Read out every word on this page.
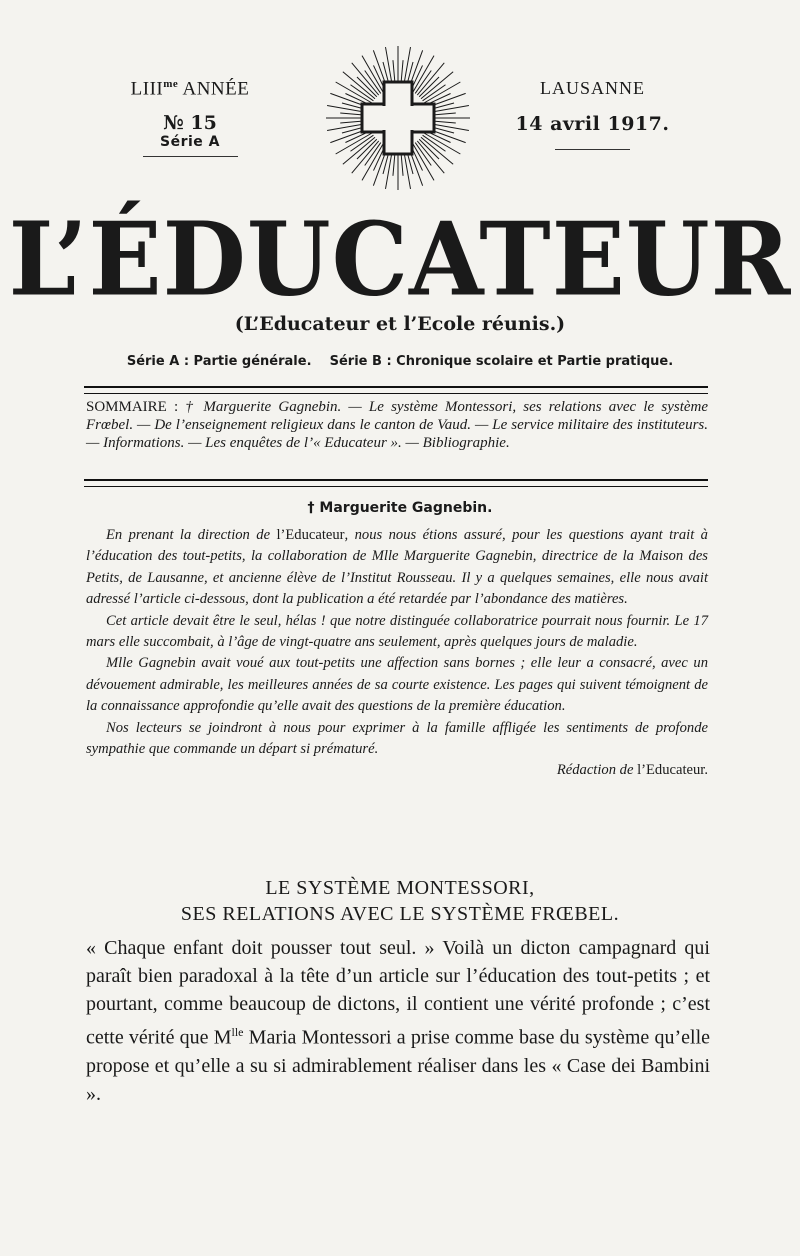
$LIII^{me}$ ANNÉE
№ 15
Série A
LAUSANNE
14 avril 1917.
L’ÉDUCATEUR
(L’Educateur et l’Ecole réunis.)
Série A : Partie générale.    Série B : Chronique scolaire et Partie pratique.
SOMMAIRE : † Marguerite Gagnebin. — Le système Montessori, ses relations avec le système Frœbel. — De l’enseignement religieux dans le canton de Vaud. — Le service militaire des instituteurs. — Informations. — Les enquêtes de l’« Educateur ». — Bibliographie.
† Marguerite Gagnebin.

En prenant la direction de l’Educateur, nous nous étions assuré, pour les questions ayant trait à l’éducation des tout-petits, la collaboration de Mlle Marguerite Gagnebin, directrice de la Maison des Petits, de Lausanne, et ancienne élève de l’Institut Rousseau. Il y a quelques semaines, elle nous avait adressé l’article ci-dessous, dont la publication a été retardée par l’abondance des matières.

Cet article devait être le seul, hélas ! que notre distinguée collaboratrice pourrait nous fournir. Le 17 mars elle succombait, à l’âge de vingt-quatre ans seulement, après quelques jours de maladie.

Mlle Gagnebin avait voué aux tout-petits une affection sans bornes ; elle leur a consacré, avec un dévouement admirable, les meilleures années de sa courte existence. Les pages qui suivent témoignent de la connaissance approfondie qu’elle avait des questions de la première éducation.

Nos lecteurs se joindront à nous pour exprimer à la famille affligée les sentiments de profonde sympathie que commande un départ si prématuré.

Rédaction de l’Educateur.

LE SYSTÈME MONTESSORI,
SES RELATIONS AVEC LE SYSTÈME FRŒBEL.

« Chaque enfant doit pousser tout seul. » Voilà un dicton campagnard qui paraît bien paradoxal à la tête d’un article sur l’éducation des tout-petits ; et pourtant, comme beaucoup de dictons, il contient une vérité profonde ; c’est cette vérité que $M^{lle}$ Maria Montessori a prise comme base du système qu’elle propose et qu’elle a su si admirablement réaliser dans les « Case dei Bambini ».
